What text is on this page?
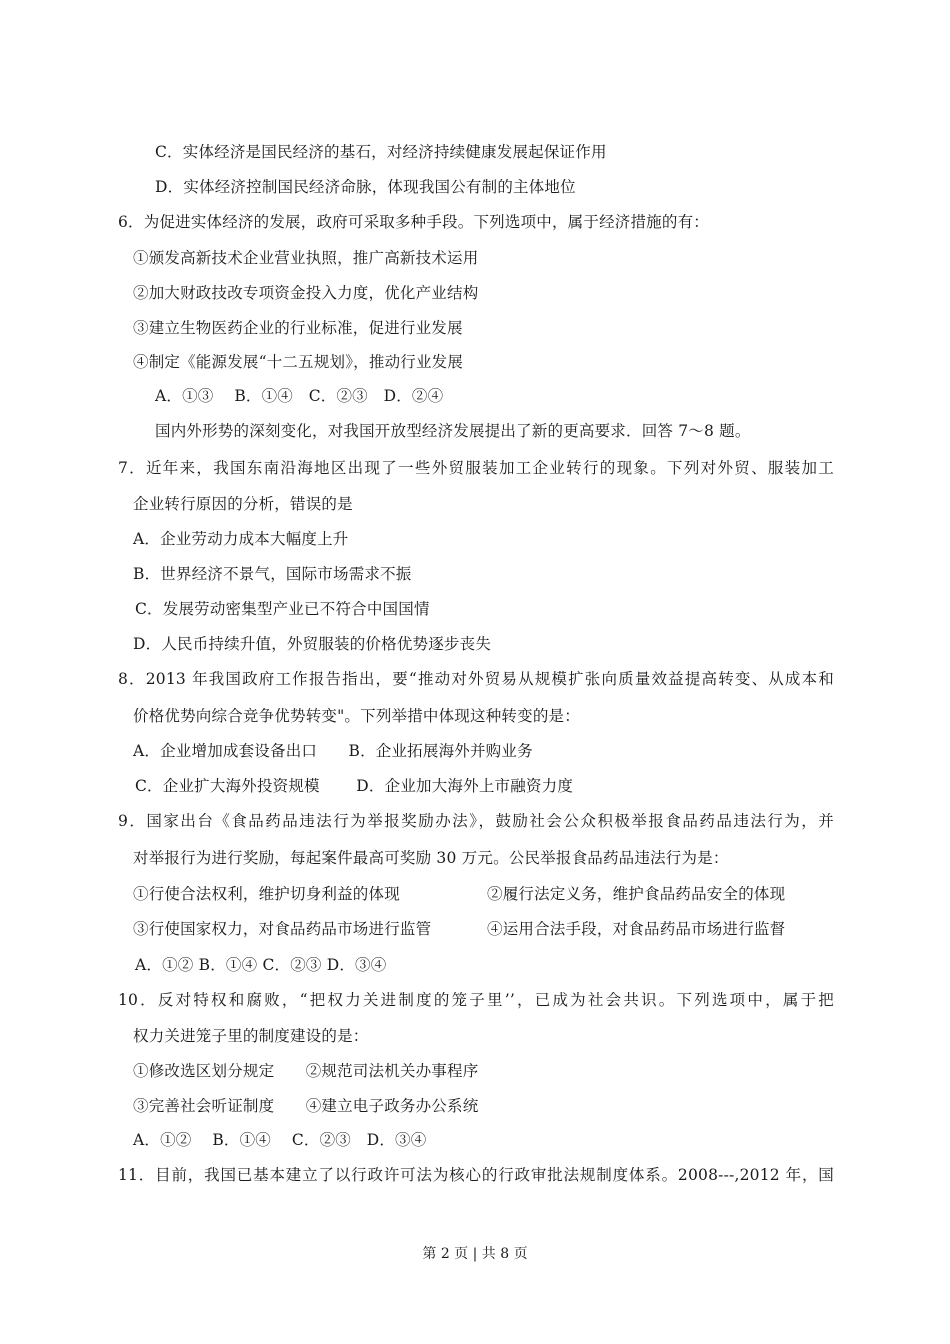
C．实体经济是国民经济的基石，对经济持续健康发展起保证作用
D．实体经济控制国民经济命脉，体现我国公有制的主体地位
6．为促进实体经济的发展，政府可采取多种手段。下列选项中，属于经济措施的有：
①颁发高新技术企业营业执照，推广高新技术运用
②加大财政技改专项资金投入力度，优化产业结构
③建立生物医药企业的行业标准，促进行业发展
④制定《能源发展“十二五规划》，推动行业发展
A．①③　 B．①④　C．②③　D．②④
国内外形势的深刻变化，对我国开放型经济发展提出了新的更高要求．回答 7～8 题。
7．近年来，我国东南沿海地区出现了一些外贸服装加工企业转行的现象。下列对外贸、服装加工
企业转行原因的分析，错误的是
A．企业劳动力成本大幅度上升
B．世界经济不景气，国际市场需求不振
C．发展劳动密集型产业已不符合中国国情
D．人民币持续升值，外贸服装的价格优势逐步丧失
8．2013 年我国政府工作报告指出，要“推动对外贸易从规模扩张向质量效益提高转变、从成本和
价格优势向综合竞争优势转变"。下列举措中体现这种转变的是：
A．企业增加成套设备出口　　B．企业拓展海外并购业务
C．企业扩大海外投资规模　　 D．企业加大海外上市融资力度
9．国家出台《食品药品违法行为举报奖励办法》，鼓励社会公众积极举报食品药品违法行为，并
对举报行为进行奖励，每起案件最高可奖励 30 万元。公民举报食品药品违法行为是：
①行使合法权利，维护切身利益的体现	②履行法定义务，维护食品药品安全的体现
③行使国家权力，对食品药品市场进行监管	④运用合法手段，对食品药品市场进行监督
A．①② B．①④ C．②③ D．③④
10．反对特权和腐败，“把权力关进制度的笼子里’’，已成为社会共识。下列选项中，属于把
权力关进笼子里的制度建设的是：
①修改选区划分规定　　②规范司法机关办事程序
③完善社会听证制度　　④建立电子政务办公系统
A．①②　 B．①④　 C．②③　D．③④
11．目前，我国已基本建立了以行政许可法为核心的行政审批法规制度体系。2008---,2012 年，国
第 2 页 | 共 8 页
